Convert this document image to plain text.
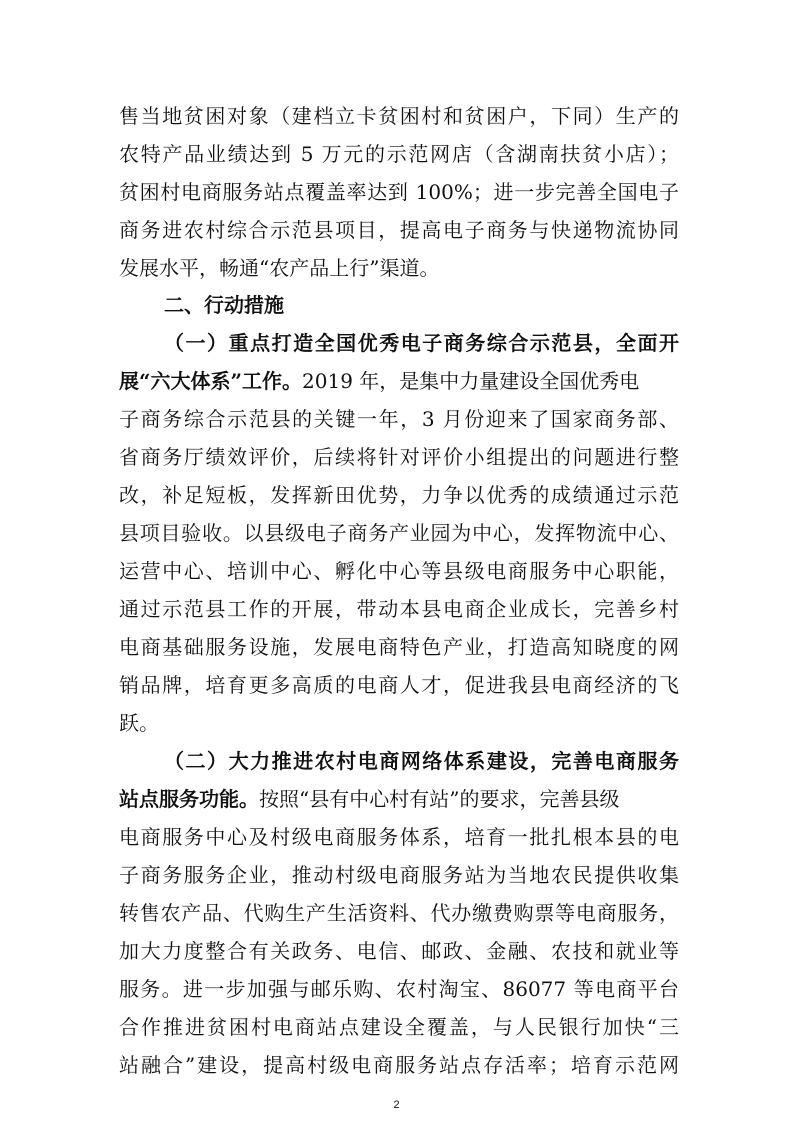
售当地贫困对象（建档立卡贫困村和贫困户，下同）生产的
农特产品业绩达到 5 万元的示范网店（含湖南扶贫小店）；
贫困村电商服务站点覆盖率达到 100%；进一步完善全国电子
商务进农村综合示范县项目，提高电子商务与快递物流协同
发展水平，畅通“农产品上行”渠道。
二、行动措施
（一）重点打造全国优秀电子商务综合示范县，全面开
展“六大体系”工作。2019 年，是集中力量建设全国优秀电
子商务综合示范县的关键一年，3 月份迎来了国家商务部、
省商务厅绩效评价，后续将针对评价小组提出的问题进行整
改，补足短板，发挥新田优势，力争以优秀的成绩通过示范
县项目验收。以县级电子商务产业园为中心，发挥物流中心、
运营中心、培训中心、孵化中心等县级电商服务中心职能，
通过示范县工作的开展，带动本县电商企业成长，完善乡村
电商基础服务设施，发展电商特色产业，打造高知晓度的网
销品牌，培育更多高质的电商人才，促进我县电商经济的飞
跃。
（二）大力推进农村电商网络体系建设，完善电商服务
站点服务功能。按照“县有中心村有站”的要求，完善县级
电商服务中心及村级电商服务体系，培育一批扎根本县的电
子商务服务企业，推动村级电商服务站为当地农民提供收集
转售农产品、代购生产生活资料、代办缴费购票等电商服务，
加大力度整合有关政务、电信、邮政、金融、农技和就业等
服务。进一步加强与邮乐购、农村淘宝、86077 等电商平台
合作推进贫困村电商站点建设全覆盖，与人民银行加快“三
站融合”建设，提高村级电商服务站点存活率；培育示范网
2
